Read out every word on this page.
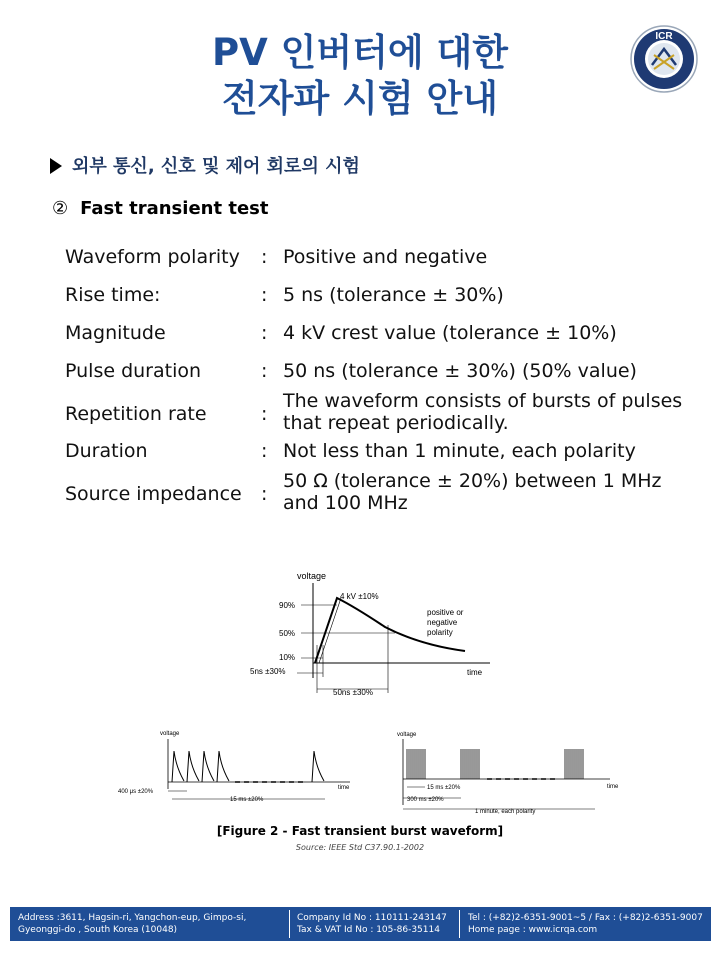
PV 인버터에 대한
전자파 시험 안내
ICR
외부 통신, 신호 및 제어 회로의 시험
② Fast transient test
Waveform polarity : Positive and negative
Rise time:	: 5 ns (tolerance ± 30%)
Magnitude	: 4 kV crest value (tolerance ± 10%)
Pulse duration	: 50 ns (tolerance ± 30%) (50% value)
Repetition rate	:
The waveform consists of bursts of pulses that repeat periodically.
Duration	: Not less than 1 minute, each polarity
Source impedance :
50 Ω (tolerance ± 20%) between 1 MHz and 100 MHz
voltage
time
90%
50%
10%
4 kV ±10%
positive or
negative
polarity
5ns ±30%
50ns ±30%
voltage
time
400 μs ±20%
15 ms ±20%
voltage
time
15 ms ±20%
300 ms ±20%
1 minute, each polarity
[Figure 2 - Fast transient burst waveform]
Source: IEEE Std C37.90.1-2002
Address :3611, Hagsin-ri, Yangchon-eup, Gimpo-si,
Gyeonggi-do , South Korea (10048)
Company Id No : 110111-243147
Tax & VAT Id No : 105-86-35114
Tel : (+82)2-6351-9001~5 / Fax : (+82)2-6351-9007
Home page : www.icrqa.com
